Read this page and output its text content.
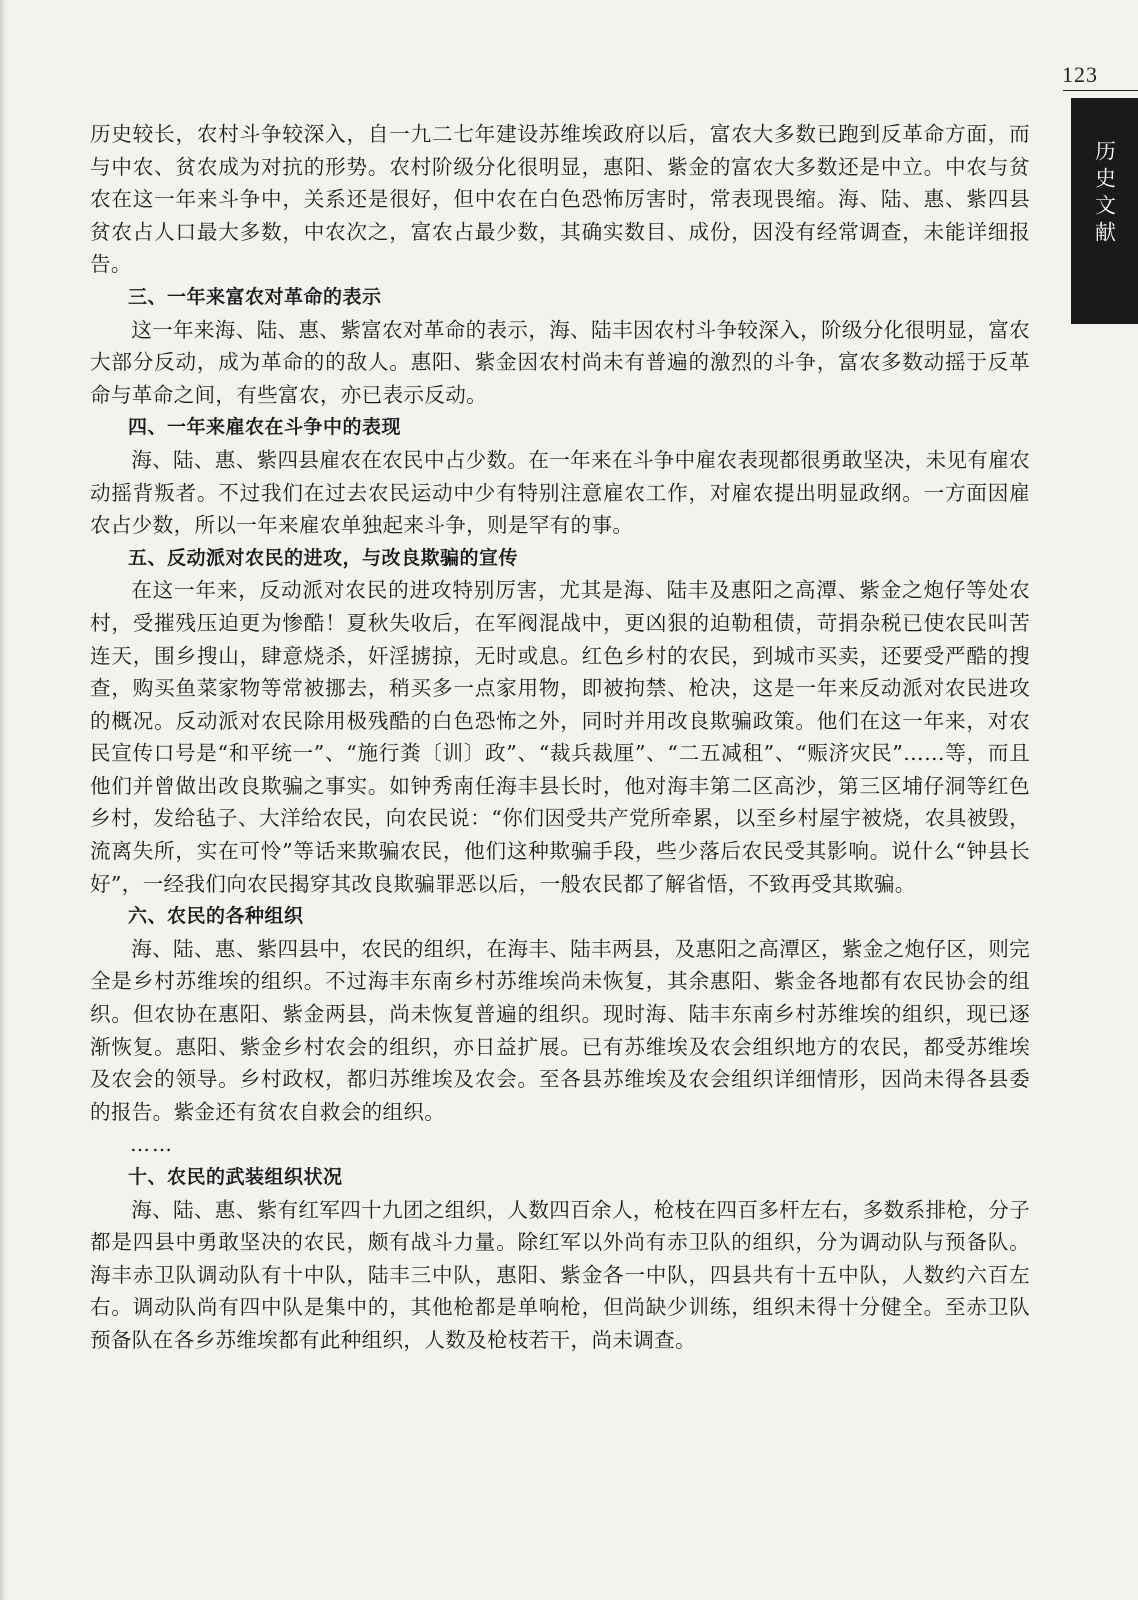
123
历史文献

历史较长，农村斗争较深入，自一九二七年建设苏维埃政府以后，富农大多数已跑到反革命方面，而与中农、贫农成为对抗的形势。农村阶级分化很明显，惠阳、紫金的富农大多数还是中立。中农与贫农在这一年来斗争中，关系还是很好，但中农在白色恐怖厉害时，常表现畏缩。海、陆、惠、紫四县贫农占人口最大多数，中农次之，富农占最少数，其确实数目、成份，因没有经常调查，未能详细报告。

三、一年来富农对革命的表示

这一年来海、陆、惠、紫富农对革命的表示，海、陆丰因农村斗争较深入，阶级分化很明显，富农大部分反动，成为革命的的敌人。惠阳、紫金因农村尚未有普遍的激烈的斗争，富农多数动摇于反革命与革命之间，有些富农，亦已表示反动。

四、一年来雇农在斗争中的表现

海、陆、惠、紫四县雇农在农民中占少数。在一年来在斗争中雇农表现都很勇敢坚决，未见有雇农动摇背叛者。不过我们在过去农民运动中少有特别注意雇农工作，对雇农提出明显政纲。一方面因雇农占少数，所以一年来雇农单独起来斗争，则是罕有的事。

五、反动派对农民的进攻，与改良欺骗的宣传

在这一年来，反动派对农民的进攻特别厉害，尤其是海、陆丰及惠阳之高潭、紫金之炮仔等处农村，受摧残压迫更为惨酷！夏秋失收后，在军阀混战中，更凶狠的迫勒租债，苛捐杂税已使农民叫苦连天，围乡搜山，肆意烧杀，奸淫掳掠，无时或息。红色乡村的农民，到城市买卖，还要受严酷的搜查，购买鱼菜家物等常被挪去，稍买多一点家用物，即被拘禁、枪决，这是一年来反动派对农民进攻的概况。反动派对农民除用极残酷的白色恐怖之外，同时并用改良欺骗政策。他们在这一年来，对农民宣传口号是“和平统一”、“施行粪〔训〕政”、“裁兵裁厘”、“二五减租”、“赈济灾民”……等，而且他们并曾做出改良欺骗之事实。如钟秀南任海丰县长时，他对海丰第二区高沙，第三区埔仔洞等红色乡村，发给毡子、大洋给农民，向农民说：“你们因受共产党所牵累，以至乡村屋宇被烧，农具被毁，流离失所，实在可怜”等话来欺骗农民，他们这种欺骗手段，些少落后农民受其影响。说什么“钟县长好”，一经我们向农民揭穿其改良欺骗罪恶以后，一般农民都了解省悟，不致再受其欺骗。

六、农民的各种组织

海、陆、惠、紫四县中，农民的组织，在海丰、陆丰两县，及惠阳之高潭区，紫金之炮仔区，则完全是乡村苏维埃的组织。不过海丰东南乡村苏维埃尚未恢复，其余惠阳、紫金各地都有农民协会的组织。但农协在惠阳、紫金两县，尚未恢复普遍的组织。现时海、陆丰东南乡村苏维埃的组织，现已逐渐恢复。惠阳、紫金乡村农会的组织，亦日益扩展。已有苏维埃及农会组织地方的农民，都受苏维埃及农会的领导。乡村政权，都归苏维埃及农会。至各县苏维埃及农会组织详细情形，因尚未得各县委的报告。紫金还有贫农自救会的组织。

……
十、农民的武装组织状况

海、陆、惠、紫有红军四十九团之组织，人数四百余人，枪枝在四百多杆左右，多数系排枪，分子都是四县中勇敢坚决的农民，颇有战斗力量。除红军以外尚有赤卫队的组织，分为调动队与预备队。海丰赤卫队调动队有十中队，陆丰三中队，惠阳、紫金各一中队，四县共有十五中队，人数约六百左右。调动队尚有四中队是集中的，其他枪都是单响枪，但尚缺少训练，组织未得十分健全。至赤卫队预备队在各乡苏维埃都有此种组织，人数及枪枝若干，尚未调查。
